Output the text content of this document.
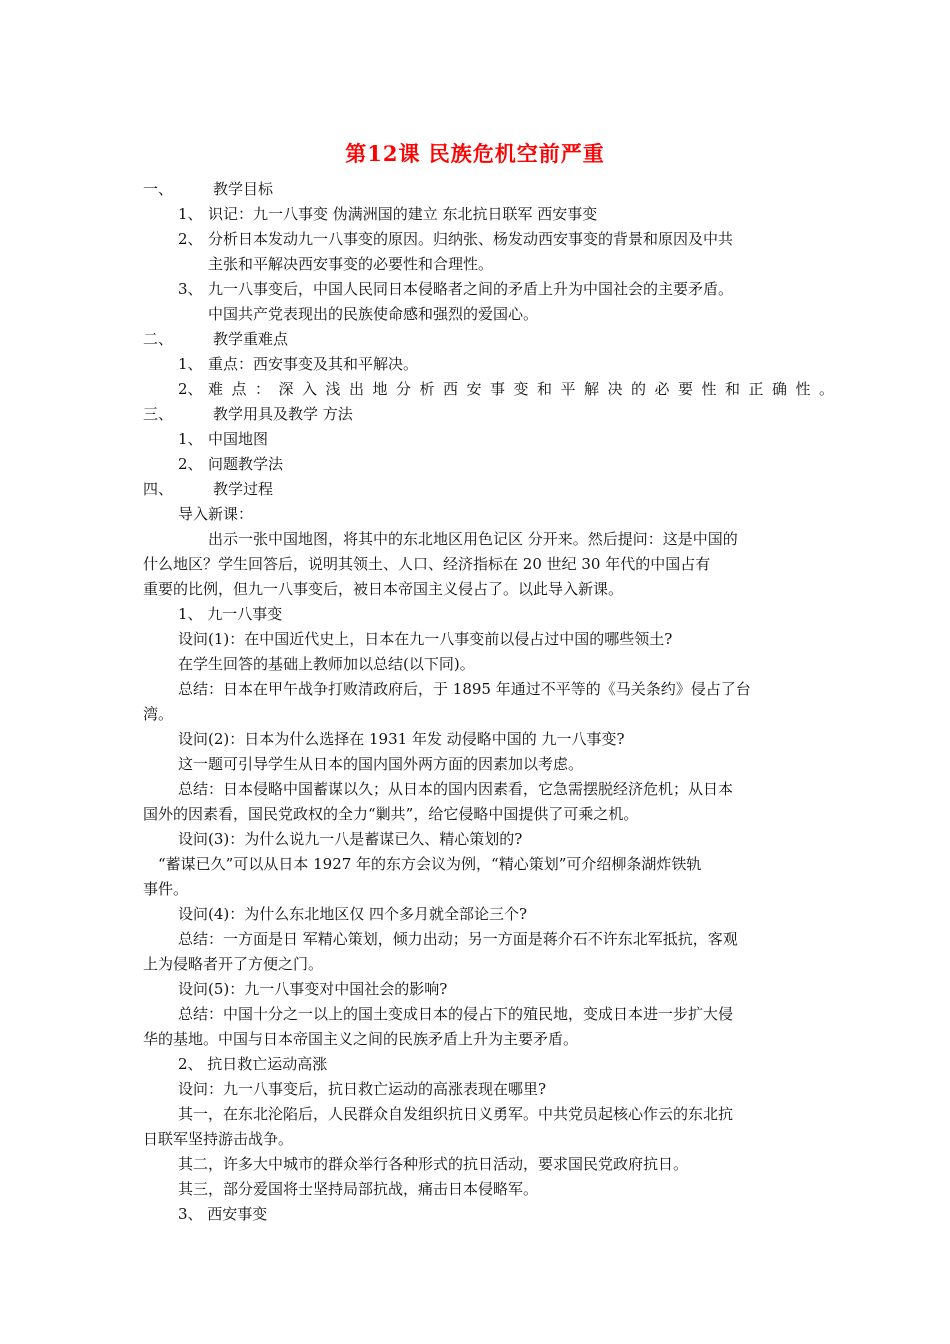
第12课 民族危机空前严重
一、	教学目标
1、 识记：九一八事变 伪满洲国的建立 东北抗日联军 西安事变
2、 分析日本发动九一八事变的原因。归纳张、杨发动西安事变的背景和原因及中共
主张和平解决西安事变的必要性和合理性。
3、 九一八事变后，中国人民同日本侵略者之间的矛盾上升为中国社会的主要矛盾。
中国共产党表现出的民族使命感和强烈的爱国心。
二、	教学重难点
1、 重点：西安事变及其和平解决。
2、 难点：深入浅出地分析西安事变和平解决的必要性和正确性。
三、	教学用具及教学 方法
1、 中国地图
2、 问题教学法
四、	教学过程
导入新课：
出示一张中国地图，将其中的东北地区用色记区 分开来。然后提问：这是中国的
什么地区？学生回答后，说明其领土、人口、经济指标在 20 世纪 30 年代的中国占有
重要的比例，但九一八事变后，被日本帝国主义侵占了。以此导入新课。
1、 九一八事变
设问(1)：在中国近代史上，日本在九一八事变前以侵占过中国的哪些领土?
在学生回答的基础上教师加以总结(以下同)。
总结：日本在甲午战争打败清政府后，于 1895 年通过不平等的《马关条约》侵占了台
湾。
设问(2)：日本为什么选择在 1931 年发 动侵略中国的 九一八事变?
这一题可引导学生从日本的国内国外两方面的因素加以考虑。
总结：日本侵略中国蓄谋以久；从日本的国内因素看，它急需摆脱经济危机；从日本
国外的因素看，国民党政权的全力“剿共”，给它侵略中国提供了可乘之机。
设问(3)：为什么说九一八是蓄谋已久、精心策划的?
“蓄谋已久”可以从日本 1927 年的东方会议为例，“精心策划”可介绍柳条湖炸铁轨
事件。
设问(4)：为什么东北地区仅 四个多月就全部论三个?
总结：一方面是日 军精心策划，倾力出动；另一方面是蒋介石不许东北军抵抗，客观
上为侵略者开了方便之门。
设问(5)：九一八事变对中国社会的影响?
总结：中国十分之一以上的国土变成日本的侵占下的殖民地，变成日本进一步扩大侵
华的基地。中国与日本帝国主义之间的民族矛盾上升为主要矛盾。
2、 抗日救亡运动高涨
设问：九一八事变后，抗日救亡运动的高涨表现在哪里?
其一，在东北沦陷后，人民群众自发组织抗日义勇军。中共党员起核心作云的东北抗
日联军坚持游击战争。
其二，许多大中城市的群众举行各种形式的抗日活动，要求国民党政府抗日。
其三，部分爱国将士坚持局部抗战，痛击日本侵略军。
3、 西安事变
